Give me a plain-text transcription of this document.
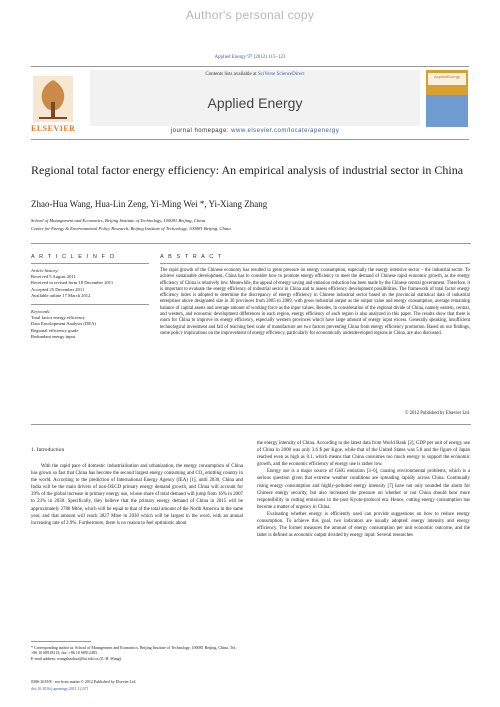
Author's personal copy
Applied Energy 97 (2012) 115–123
ELSEVIER
Contents lists available at SciVerse ScienceDirect
Applied Energy
journal homepage: www.elsevier.com/locate/apenergy
AppliedEnergy
Regional total factor energy efficiency: An empirical analysis of industrial sector in China
Zhao-Hua Wang, Hua-Lin Zeng, Yi-Ming Wei *, Yi-Xiang Zhang
School of Management and Economics, Beijing Institute of Technology, 100081 Beijing, China
Center for Energy & Environmental Policy Research, Beijing Institute of Technology, 100081 Beijing, China
A R T I C L E I N F O	A B S T R A C T
Article history:
Received 5 August 2011
Received in revised form 18 December 2011
Accepted 25 December 2011
Available online 17 March 2012
Keywords:
Total factor energy efficiency
Data Envelopment Analysis (DEA)
Regional efficiency grade
Redundant energy input
The rapid growth of the Chinese economy has resulted in great pressure on energy consumption, especially the energy intensive sector – the industrial sector. To achieve sustainable development, China has to consider how to promote energy efficiency to meet the demand of Chinese rapid economic growth, as the energy efficiency of China is relatively low. Meanwhile, the appeal of energy saving and emission reduction has been made by the Chinese central government. Therefore, it is important to evaluate the energy efficiency of industrial sector in China and to assess efficiency development possibilities. The framework of total factor energy efficiency index is adopted to determine the discrepancy of energy efficiency in Chinese industrial sector based on the provincial statistical data of industrial enterprises above designated size in 30 provinces from 2005 to 2009, with gross industrial output as the output value and energy consumption, average remaining balance of capital assets and average amount of working force as the input values. Besides, in consideration of the regional divide of China, namely eastern, central, and western, and economic development differences in each region, energy efficiency of each region is also analyzed in this paper. The results show that there is room for China to improve its energy efficiency, especially western provinces which have large amount of energy input excess. Generally speaking, insufficient technological investment and fall of reaching best scale of manufacture are two factors preventing China from energy efficiency promotion. Based on our findings, some policy implications on the improvement of energy efficiency, particularly for economically underdeveloped regions in China, are also discussed.
© 2012 Published by Elsevier Ltd.
1. Introduction

With the rapid pace of domestic industrialisation and urbanisation, the energy consumption of China has grown so fast that China has become the second largest energy consuming and CO₂ emitting country in the world. According to the prediction of International Energy Agency (IEA) [1], until 2030, China and India will be the main drivers of non-OECD primary energy demand growth, and China will account for 39% of the global increase in primary energy use, whose share of total demand will jump from 16% in 2007 to 23% in 2030. Specifically, they believe that the primary energy demand of China in 2015 will be approximately 2780 Mtoe, which will be equal to that of the total amount of the North America in the same year, and that amount will reach 3827 Mtoe in 2030 which will be largest in the word, with an annual increasing rate of 2.9%. Furthermore, there is no reason to feel optimistic about

the energy intensity of China. According to the latest data from World Bank [2], GDP per unit of energy use of China in 2008 was only 3.6 $ per Kgoe, while that of the United States was 5.8 and the figure of Japan reached even as high as 8.1, which means that China consumes too much energy to support the economic growth, and the economic efficiency of energy use is rather low.

Energy use is a major source of GHG emission [3–6], causing environmental problems, which is a serious question given that extreme weather conditions are spreading rapidly across China. Continually rising energy consumption and highly-polluted energy intensity [7] have not only sounded the alarm for Chinese energy security, but also increased the pressure on whether or not China should bear more responsibility in cutting emissions in the post Kyoto-protocol era. Hence, cutting energy consumption has become a matter of urgency in China.

Evaluating whether energy is efficiently used can provide suggestions on how to reduce energy consumption. To achieve this goal, two indicators are usually adopted: energy intensity and energy efficiency. The former measures the amount of energy consumption per unit economic outcome, and the latter is defined as economic output divided by energy input. Several researches

* Corresponding author at: School of Management and Economics, Beijing Institute of Technology, 100081 Beijing, China. Tel.: +86 10 68918213; fax: +86 10 68912483.
E-mail address: wangzhaohua@bit.edu.cn (Z.-H. Wang).
0306-2619/$ - see front matter © 2012 Published by Elsevier Ltd.
doi:10.1016/j.apenergy.2011.12.071
